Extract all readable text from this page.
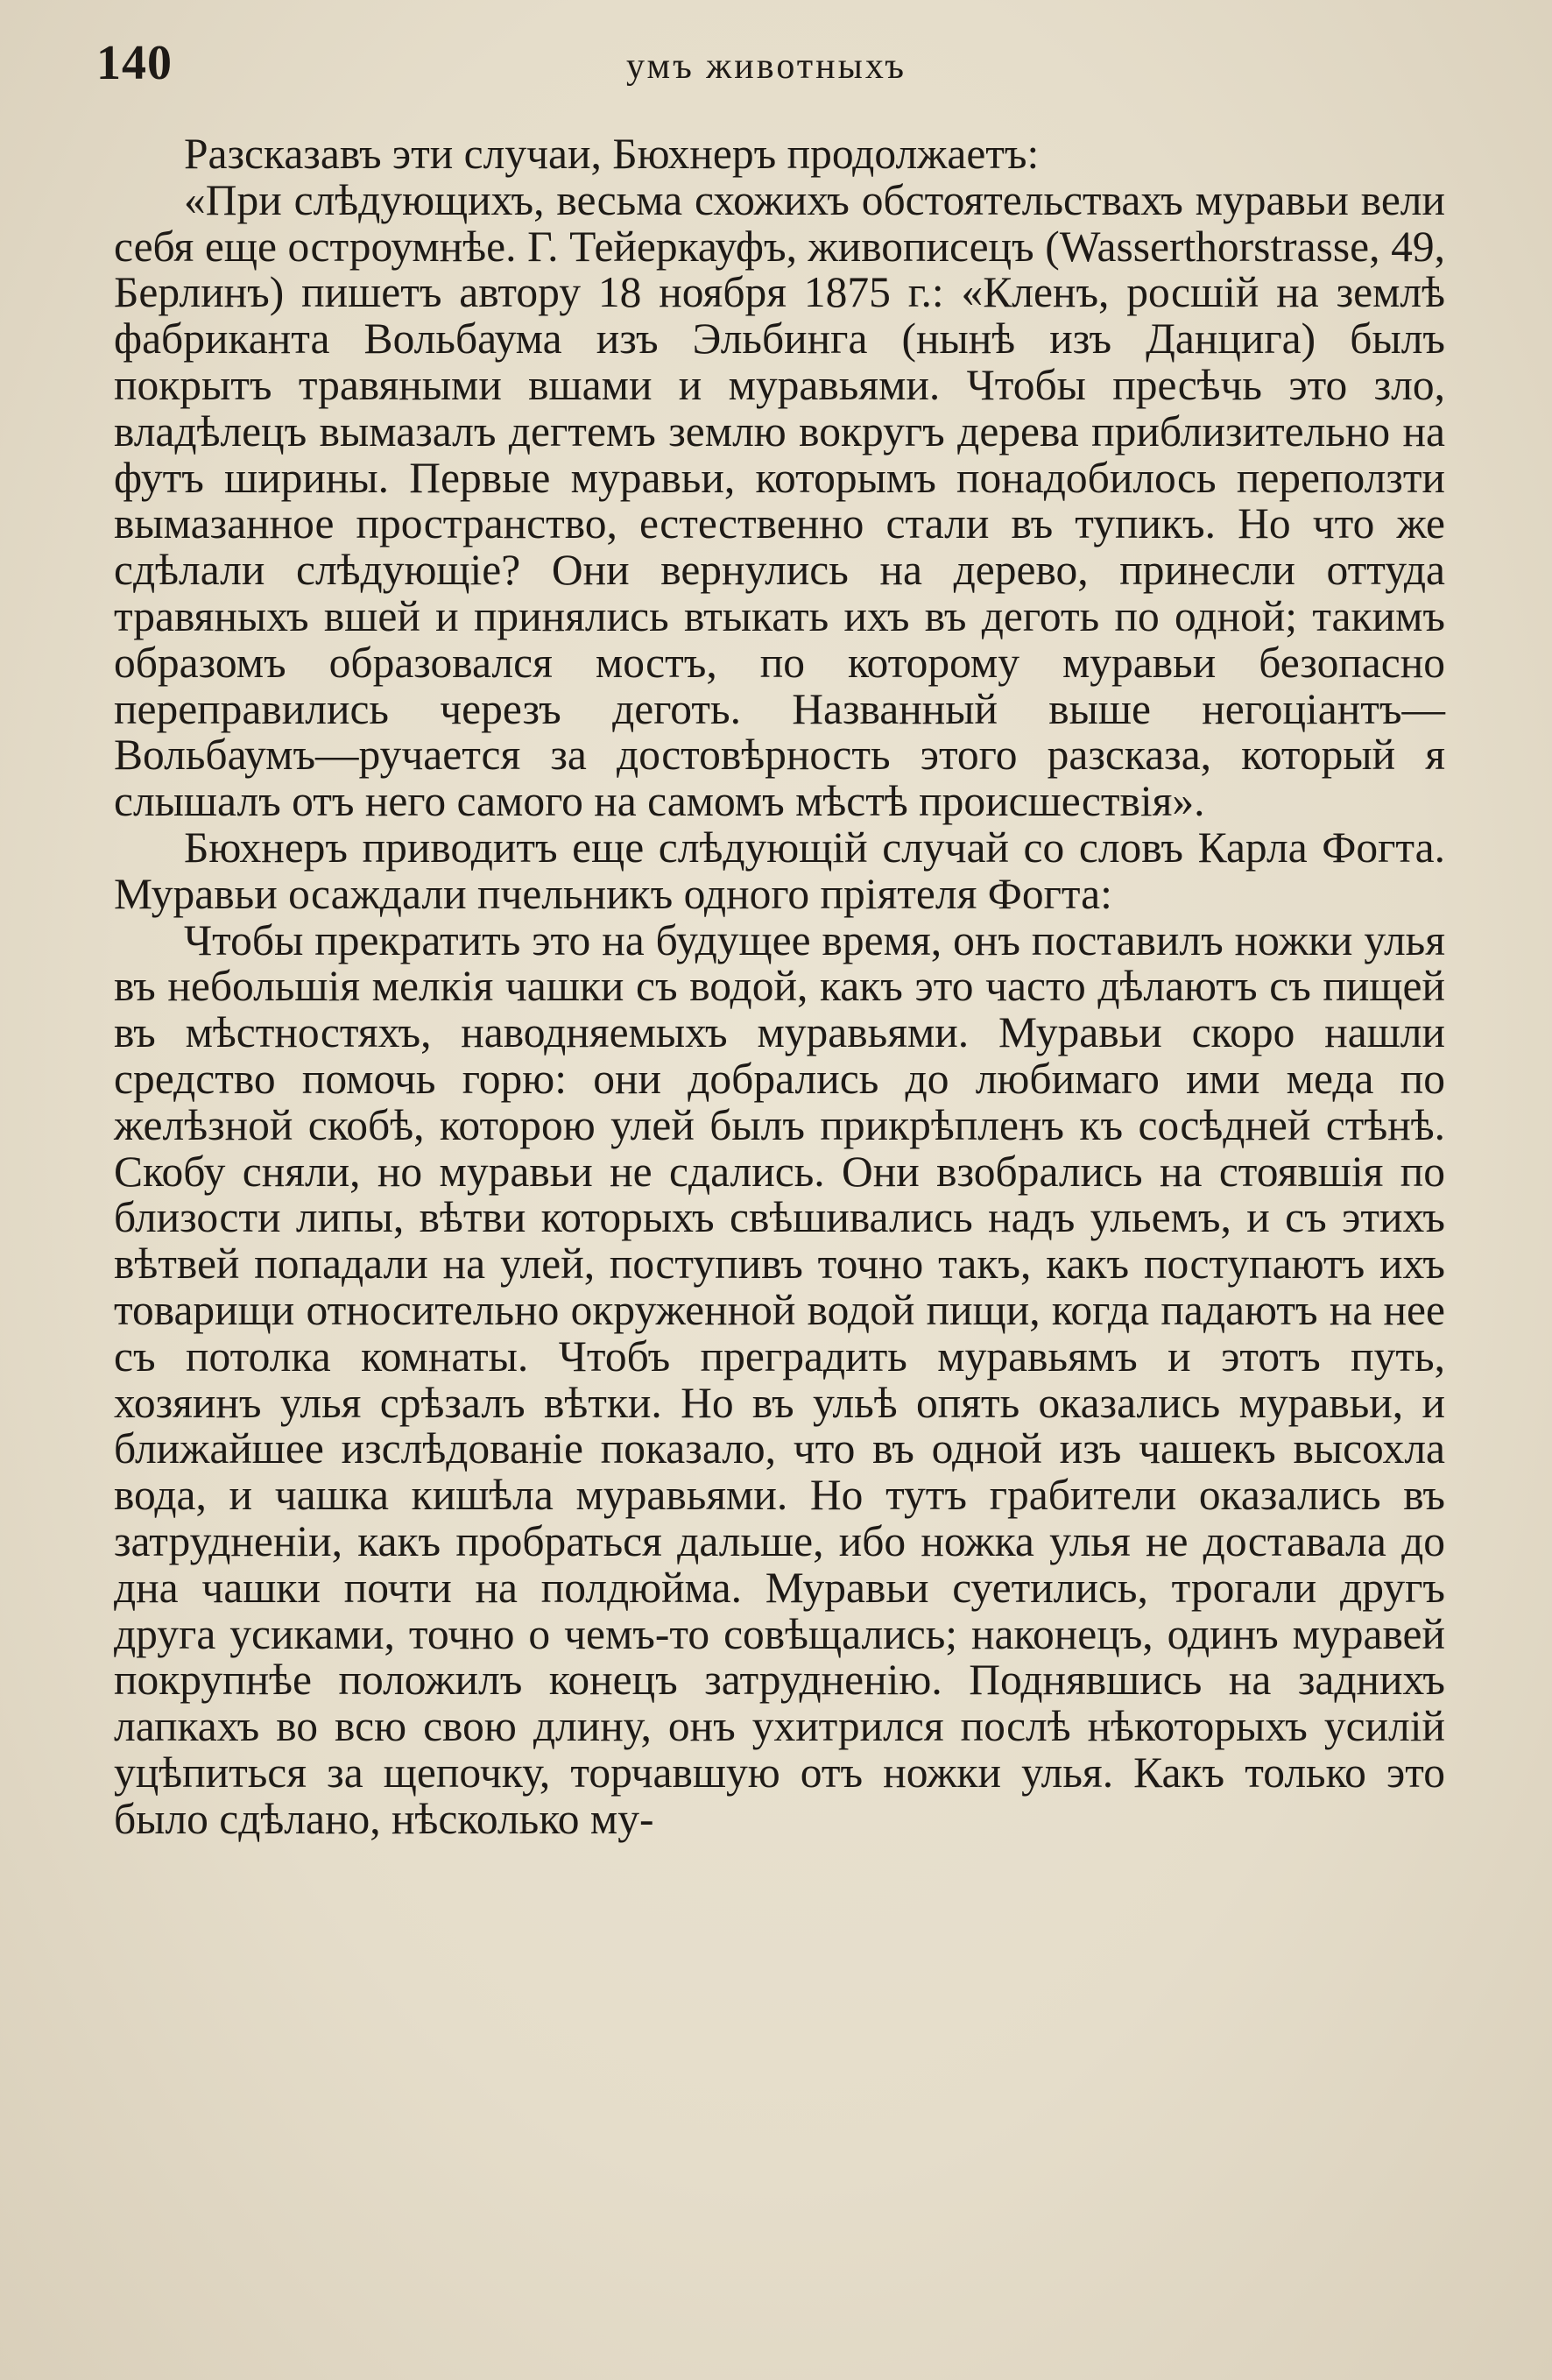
140	умъ животныхъ

Разсказавъ эти случаи, Бюхнеръ продолжаетъ:

«При слѣдующихъ, весьма схожихъ обстоятельствахъ муравьи вели себя еще остроумнѣе. Г. Тейеркауфъ, живописецъ (Wasserthorstrasse, 49, Берлинъ) пишетъ автору 18 ноября 1875 г.: «Кленъ, росшій на землѣ фабриканта Вольбаума изъ Эльбинга (нынѣ изъ Данцига) былъ покрытъ травяными вшами и муравьями. Чтобы пресѣчь это зло, владѣлецъ вымазалъ дегтемъ землю вокругъ дерева приблизительно на футъ ширины. Первые муравьи, которымъ понадобилось переползти вымазанное пространство, естественно стали въ тупикъ. Но что же сдѣлали слѣдующіе? Они вернулись на дерево, принесли оттуда травяныхъ вшей и принялись втыкать ихъ въ деготь по одной; такимъ образомъ образовался мостъ, по которому муравьи безопасно переправились черезъ деготь. Названный выше негоціантъ—Вольбаумъ—ручается за достовѣрность этого разсказа, который я слышалъ отъ него самого на самомъ мѣстѣ происшествія».

Бюхнеръ приводитъ еще слѣдующій случай со словъ Карла Фогта. Муравьи осаждали пчельникъ одного пріятеля Фогта:

Чтобы прекратить это на будущее время, онъ поставилъ ножки улья въ небольшія мелкія чашки съ водой, какъ это часто дѣлаютъ съ пищей въ мѣстностяхъ, наводняемыхъ муравьями. Муравьи скоро нашли средство помочь горю: они добрались до любимаго ими меда по желѣзной скобѣ, которою улей былъ прикрѣпленъ къ сосѣдней стѣнѣ. Скобу сняли, но муравьи не сдались. Они взобрались на стоявшія по близости липы, вѣтви которыхъ свѣшивались надъ ульемъ, и съ этихъ вѣтвей попадали на улей, поступивъ точно такъ, какъ поступаютъ ихъ товарищи относительно окруженной водой пищи, когда падаютъ на нее съ потолка комнаты. Чтобъ преградить муравьямъ и этотъ путь, хозяинъ улья срѣзалъ вѣтки. Но въ ульѣ опять оказались муравьи, и ближайшее изслѣдованіе показало, что въ одной изъ чашекъ высохла вода, и чашка кишѣла муравьями. Но тутъ грабители оказались въ затрудненіи, какъ пробраться дальше, ибо ножка улья не доставала до дна чашки почти на полдюйма. Муравьи суетились, трогали другъ друга усиками, точно о чемъ-то совѣщались; наконецъ, одинъ муравей покрупнѣе положилъ конецъ затрудненію. Поднявшись на заднихъ лапкахъ во всю свою длину, онъ ухитрился послѣ нѣкоторыхъ усилій уцѣпиться за щепочку, торчавшую отъ ножки улья. Какъ только это было сдѣлано, нѣсколько му-
